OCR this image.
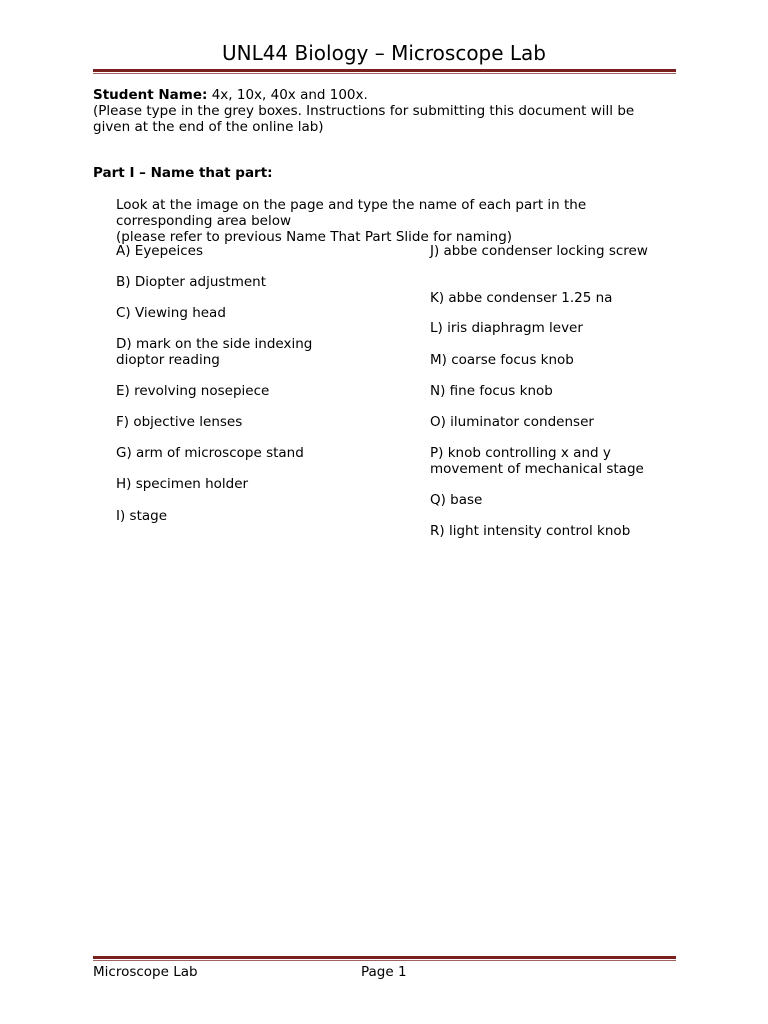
UNL44 Biology – Microscope Lab
Student Name: 4x, 10x, 40x and 100x.
(Please type in the grey boxes. Instructions for submitting this document will be
given at the end of the online lab)
Part I – Name that part:
Look at the image on the page and type the name of each part in the
corresponding area below
(please refer to previous Name That Part Slide for naming)
A) Eyepeices
B) Diopter adjustment
C) Viewing head
D) mark on the side indexing
dioptor reading
E) revolving nosepiece
F) objective lenses
G) arm of microscope stand
H) specimen holder
I) stage
J) abbe condenser locking screw
K) abbe condenser 1.25 na
L) iris diaphragm lever
M) coarse focus knob
N) fine focus knob
O) iluminator condenser
P) knob controlling x and y
movement of mechanical stage
Q) base
R) light intensity control knob
Microscope Lab	Page 1
